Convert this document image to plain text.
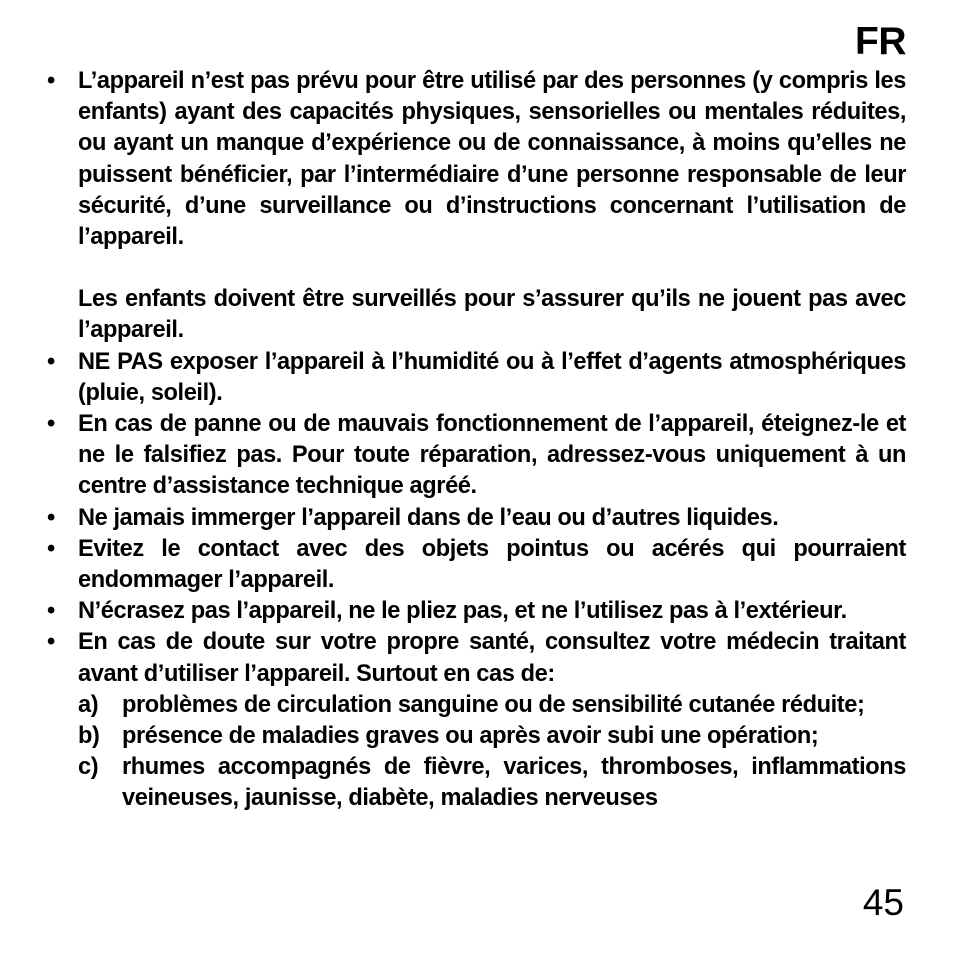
FR
• L’appareil n’est pas prévu pour être utilisé par des personnes (y compris les enfants) ayant des capacités physiques, sensorielles ou mentales réduites, ou ayant un manque d’expérience ou de connaissance, à moins qu’elles ne puissent bénéficier, par l’intermédiaire d’une personne responsable de leur sécurité, d’une surveillance ou d’instructions concernant l’utilisation de l’appareil.

Les enfants doivent être surveillés pour s’assurer qu’ils ne jouent pas avec l’appareil.

• NE PAS exposer l’appareil à l’humidité ou à l’effet d’agents atmosphériques (pluie, soleil).

• En cas de panne ou de mauvais fonctionnement de l’appareil, éteignez-le et ne le falsifiez pas. Pour toute réparation, adressez-vous uniquement à un centre d’assistance technique agréé.

• Ne jamais immerger l’appareil dans de l’eau ou d’autres liquides.

• Evitez le contact avec des objets pointus ou acérés qui pourraient endommager l’appareil.

• N’écrasez pas l’appareil, ne le pliez pas, et ne l’utilisez pas à l’extérieur.

• En cas de doute sur votre propre santé, consultez votre médecin traitant avant d’utiliser l’appareil. Surtout en cas de:

a) problèmes de circulation sanguine ou de sensibilité cutanée réduite;

b) présence de maladies graves ou après avoir subi une opération;

c) rhumes accompagnés de fièvre, varices, thromboses, inflammations veineuses, jaunisse, diabète, maladies nerveuses

45
